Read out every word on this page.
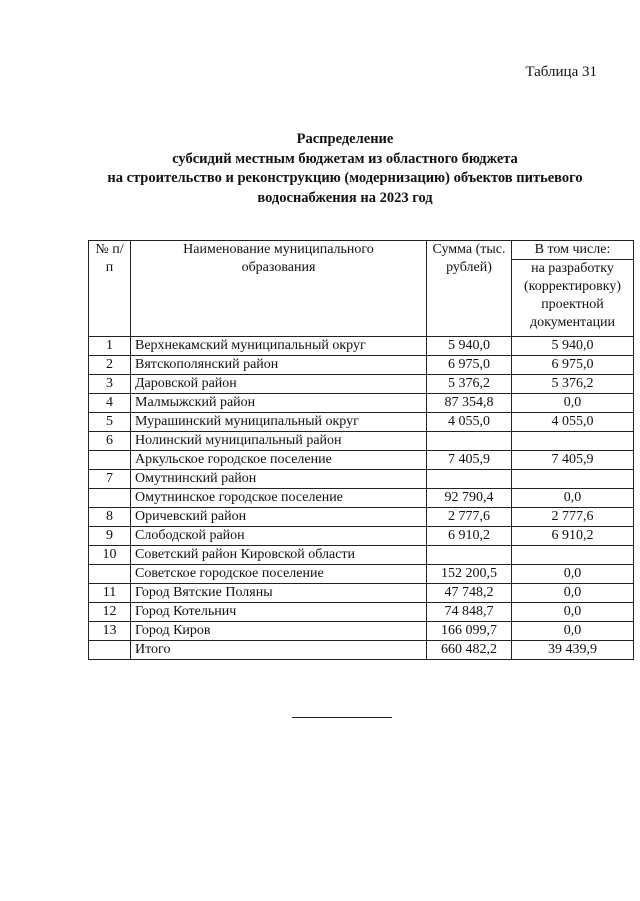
Таблица 31
Распределение
субсидий местным бюджетам из областного бюджета
на строительство и реконструкцию (модернизацию) объектов питьевого
водоснабжения на 2023 год
№ п/п	Наименование муниципального образования	Сумма (тыс. рублей)	В том числе:
			на разработку (корректировку) проектной документации
1	Верхнекамский муниципальный округ	5 940,0	5 940,0
2	Вятскополянский район	6 975,0	6 975,0
3	Даровской район	5 376,2	5 376,2
4	Малмыжский район	87 354,8	0,0
5	Мурашинский муниципальный округ	4 055,0	4 055,0
6	Нолинский муниципальный район		
	Аркульское городское поселение	7 405,9	7 405,9
7	Омутнинский район		
	Омутнинское городское поселение	92 790,4	0,0
8	Оричевский район	2 777,6	2 777,6
9	Слободской район	6 910,2	6 910,2
10	Советский район Кировской области		
	Советское городское поселение	152 200,5	0,0
11	Город Вятские Поляны	47 748,2	0,0
12	Город Котельнич	74 848,7	0,0
13	Город Киров	166 099,7	0,0
	Итого	660 482,2	39 439,9
